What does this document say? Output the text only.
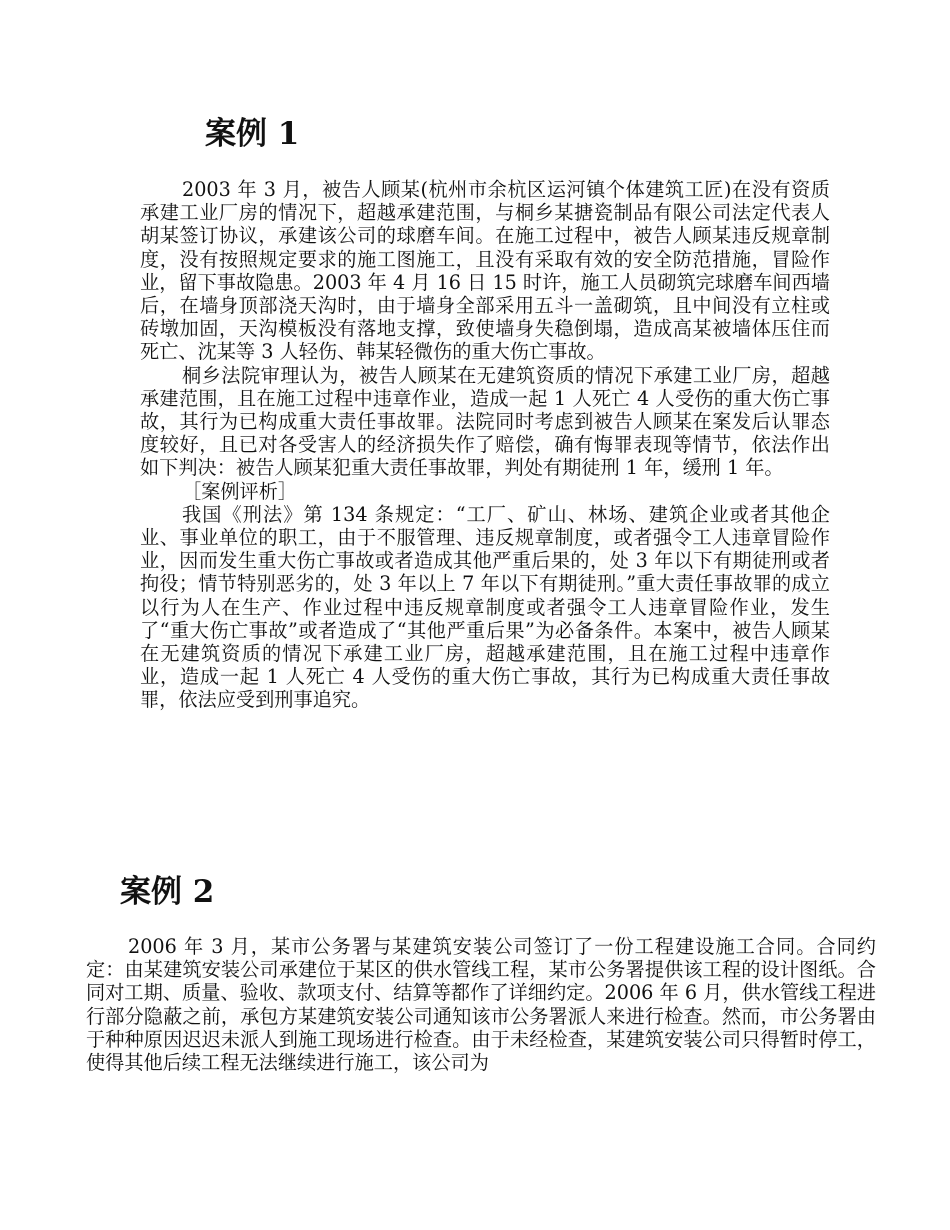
案例 1

2003 年 3 月，被告人顾某(杭州市余杭区运河镇个体建筑工匠)在没有资质承建工业厂房的情况下，超越承建范围，与桐乡某搪瓷制品有限公司法定代表人胡某签订协议，承建该公司的球磨车间。在施工过程中，被告人顾某违反规章制度，没有按照规定要求的施工图施工，且没有采取有效的安全防范措施，冒险作业，留下事故隐患。2003 年 4 月 16 日 15 时许，施工人员砌筑完球磨车间西墙后，在墙身顶部浇天沟时，由于墙身全部采用五斗一盖砌筑，且中间没有立柱或砖墩加固，天沟模板没有落地支撑，致使墙身失稳倒塌，造成高某被墙体压住而死亡、沈某等 3 人轻伤、韩某轻微伤的重大伤亡事故。

桐乡法院审理认为，被告人顾某在无建筑资质的情况下承建工业厂房，超越承建范围，且在施工过程中违章作业，造成一起 1 人死亡 4 人受伤的重大伤亡事故，其行为已构成重大责任事故罪。法院同时考虑到被告人顾某在案发后认罪态度较好，且已对各受害人的经济损失作了赔偿，确有悔罪表现等情节，依法作出如下判决：被告人顾某犯重大责任事故罪，判处有期徒刑 1 年，缓刑 1 年。

［案例评析］

我国《刑法》第 134 条规定：“工厂、矿山、林场、建筑企业或者其他企业、事业单位的职工，由于不服管理、违反规章制度，或者强令工人违章冒险作业，因而发生重大伤亡事故或者造成其他严重后果的，处 3 年以下有期徒刑或者拘役；情节特别恶劣的，处 3 年以上 7 年以下有期徒刑。”重大责任事故罪的成立以行为人在生产、作业过程中违反规章制度或者强令工人违章冒险作业，发生了“重大伤亡事故”或者造成了“其他严重后果”为必备条件。本案中，被告人顾某在无建筑资质的情况下承建工业厂房，超越承建范围，且在施工过程中违章作业，造成一起 1 人死亡 4 人受伤的重大伤亡事故，其行为已构成重大责任事故罪，依法应受到刑事追究。

案例 2

2006 年 3 月，某市公务署与某建筑安装公司签订了一份工程建设施工合同。合同约定：由某建筑安装公司承建位于某区的供水管线工程，某市公务署提供该工程的设计图纸。合同对工期、质量、验收、款项支付、结算等都作了详细约定。2006 年 6 月，供水管线工程进行部分隐蔽之前，承包方某建筑安装公司通知该市公务署派人来进行检查。然而，市公务署由于种种原因迟迟未派人到施工现场进行检查。由于未经检查，某建筑安装公司只得暂时停工，使得其他后续工程无法继续进行施工，该公司为
